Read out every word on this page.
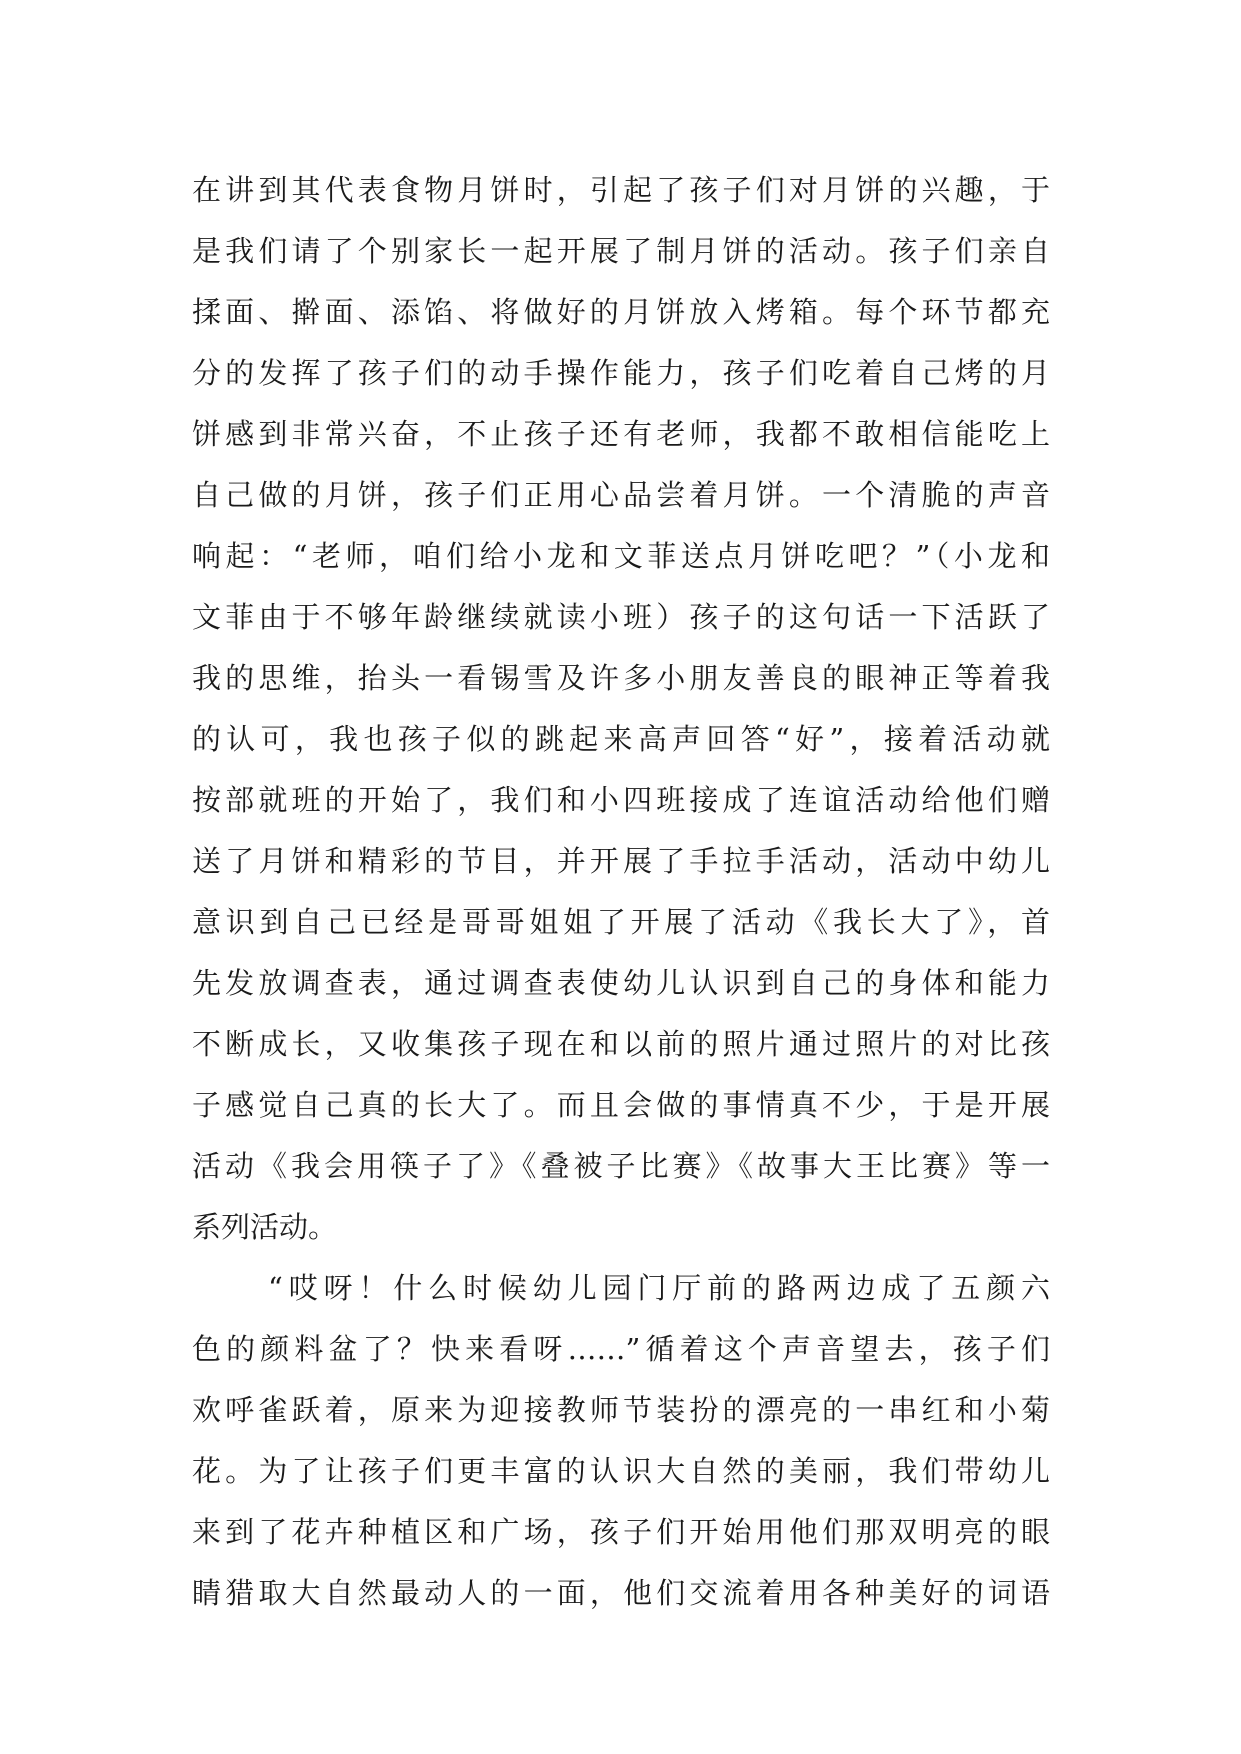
在讲到其代表食物月饼时，引起了孩子们对月饼的兴趣，于
是我们请了个别家长一起开展了制月饼的活动。孩子们亲自
揉面、擀面、添馅、将做好的月饼放入烤箱。每个环节都充
分的发挥了孩子们的动手操作能力，孩子们吃着自己烤的月
饼感到非常兴奋，不止孩子还有老师，我都不敢相信能吃上
自己做的月饼，孩子们正用心品尝着月饼。一个清脆的声音
响起：“老师，咱们给小龙和文菲送点月饼吃吧？”（小龙和
文菲由于不够年龄继续就读小班）孩子的这句话一下活跃了
我的思维，抬头一看锡雪及许多小朋友善良的眼神正等着我
的认可，我也孩子似的跳起来高声回答“好”，接着活动就
按部就班的开始了，我们和小四班接成了连谊活动给他们赠
送了月饼和精彩的节目，并开展了手拉手活动，活动中幼儿
意识到自己已经是哥哥姐姐了开展了活动《我长大了》，首
先发放调查表，通过调查表使幼儿认识到自己的身体和能力
不断成长，又收集孩子现在和以前的照片通过照片的对比孩
子感觉自己真的长大了。而且会做的事情真不少，于是开展
活动《我会用筷子了》《叠被子比赛》《故事大王比赛》等一
系列活动。
“哎呀！什么时候幼儿园门厅前的路两边成了五颜六
色的颜料盆了？快来看呀……”循着这个声音望去，孩子们
欢呼雀跃着，原来为迎接教师节装扮的漂亮的一串红和小菊
花。为了让孩子们更丰富的认识大自然的美丽，我们带幼儿
来到了花卉种植区和广场，孩子们开始用他们那双明亮的眼
睛猎取大自然最动人的一面，他们交流着用各种美好的词语
